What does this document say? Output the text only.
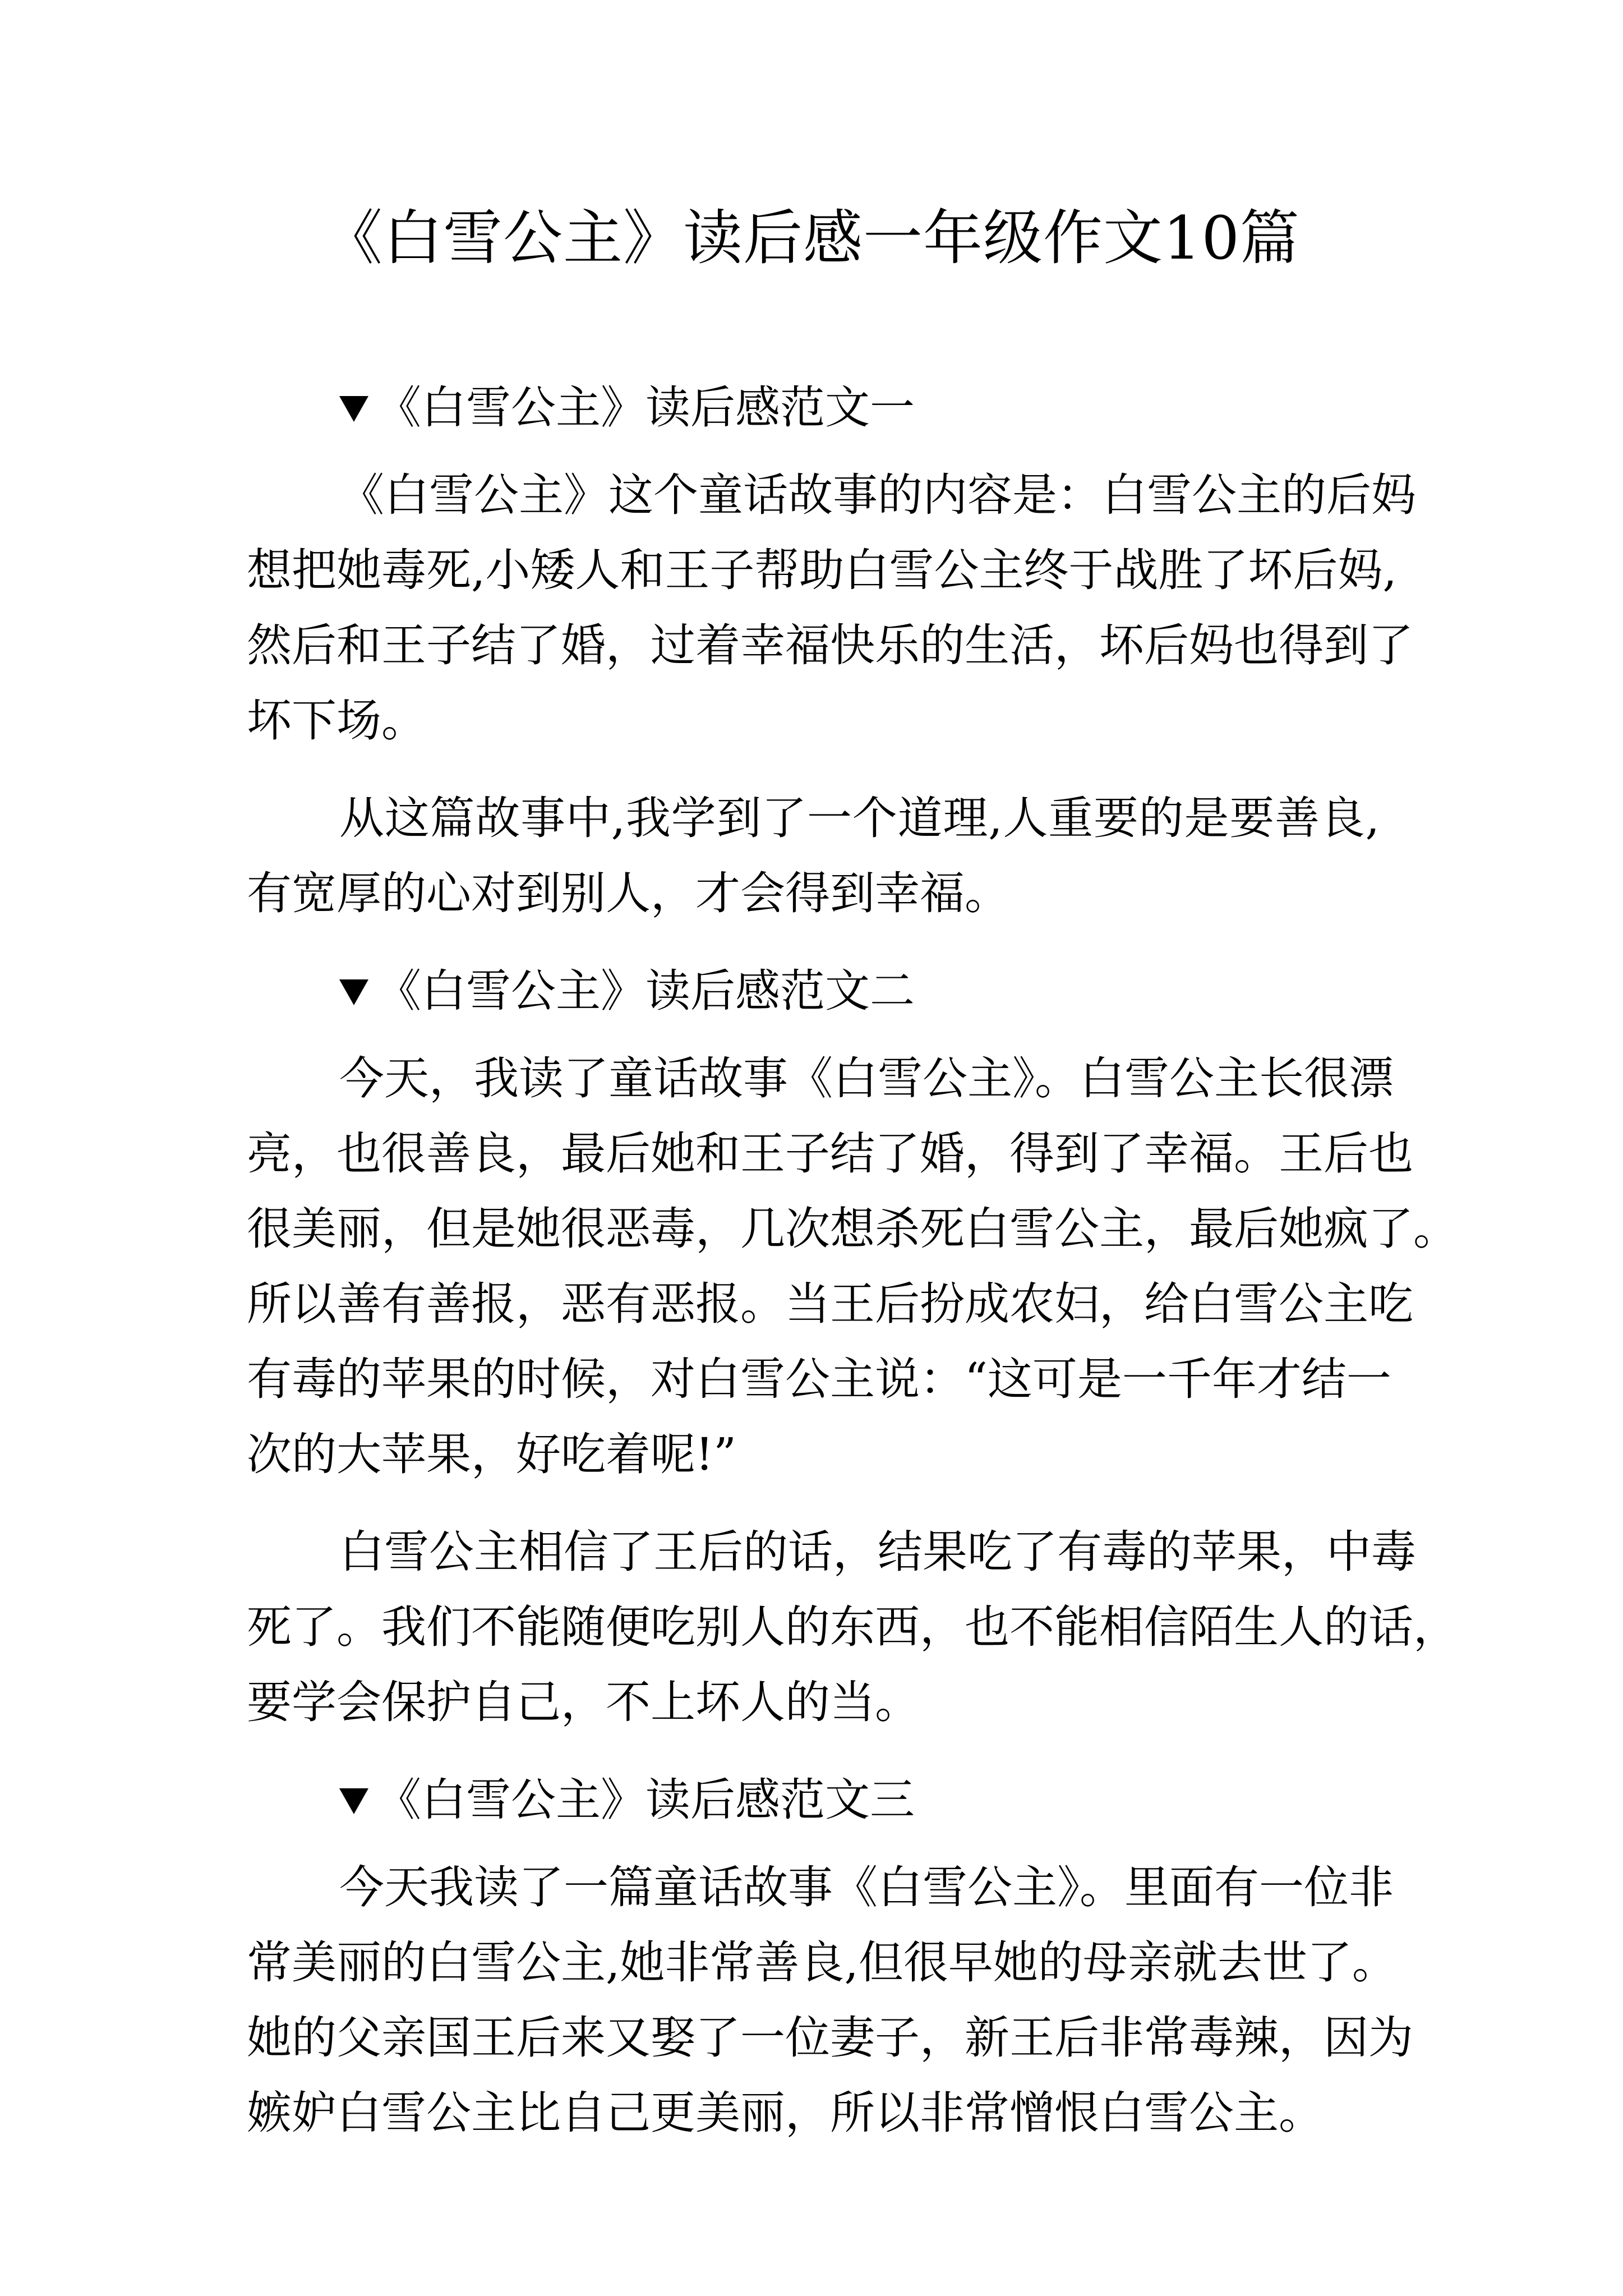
《白雪公主》读后感一年级作文10篇
《白雪公主》读后感范文一
《白雪公主》这个童话故事的内容是：白雪公主的后妈
想把她毒死,小矮人和王子帮助白雪公主终于战胜了坏后妈,
然后和王子结了婚，过着幸福快乐的生活，坏后妈也得到了
坏下场。
从这篇故事中,我学到了一个道理,人重要的是要善良,
有宽厚的心对到别人，才会得到幸福。
《白雪公主》读后感范文二
今天，我读了童话故事《白雪公主》。白雪公主长很漂
亮，也很善良，最后她和王子结了婚，得到了幸福。王后也
很美丽，但是她很恶毒，几次想杀死白雪公主，最后她疯了。
所以善有善报，恶有恶报。当王后扮成农妇，给白雪公主吃
有毒的苹果的时候，对白雪公主说：“这可是一千年才结一
次的大苹果，好吃着呢!”
白雪公主相信了王后的话，结果吃了有毒的苹果，中毒
死了。我们不能随便吃别人的东西，也不能相信陌生人的话，
要学会保护自己，不上坏人的当。
《白雪公主》读后感范文三
今天我读了一篇童话故事《白雪公主》。里面有一位非
常美丽的白雪公主,她非常善良,但很早她的母亲就去世了。
她的父亲国王后来又娶了一位妻子，新王后非常毒辣，因为
嫉妒白雪公主比自己更美丽，所以非常憎恨白雪公主。
